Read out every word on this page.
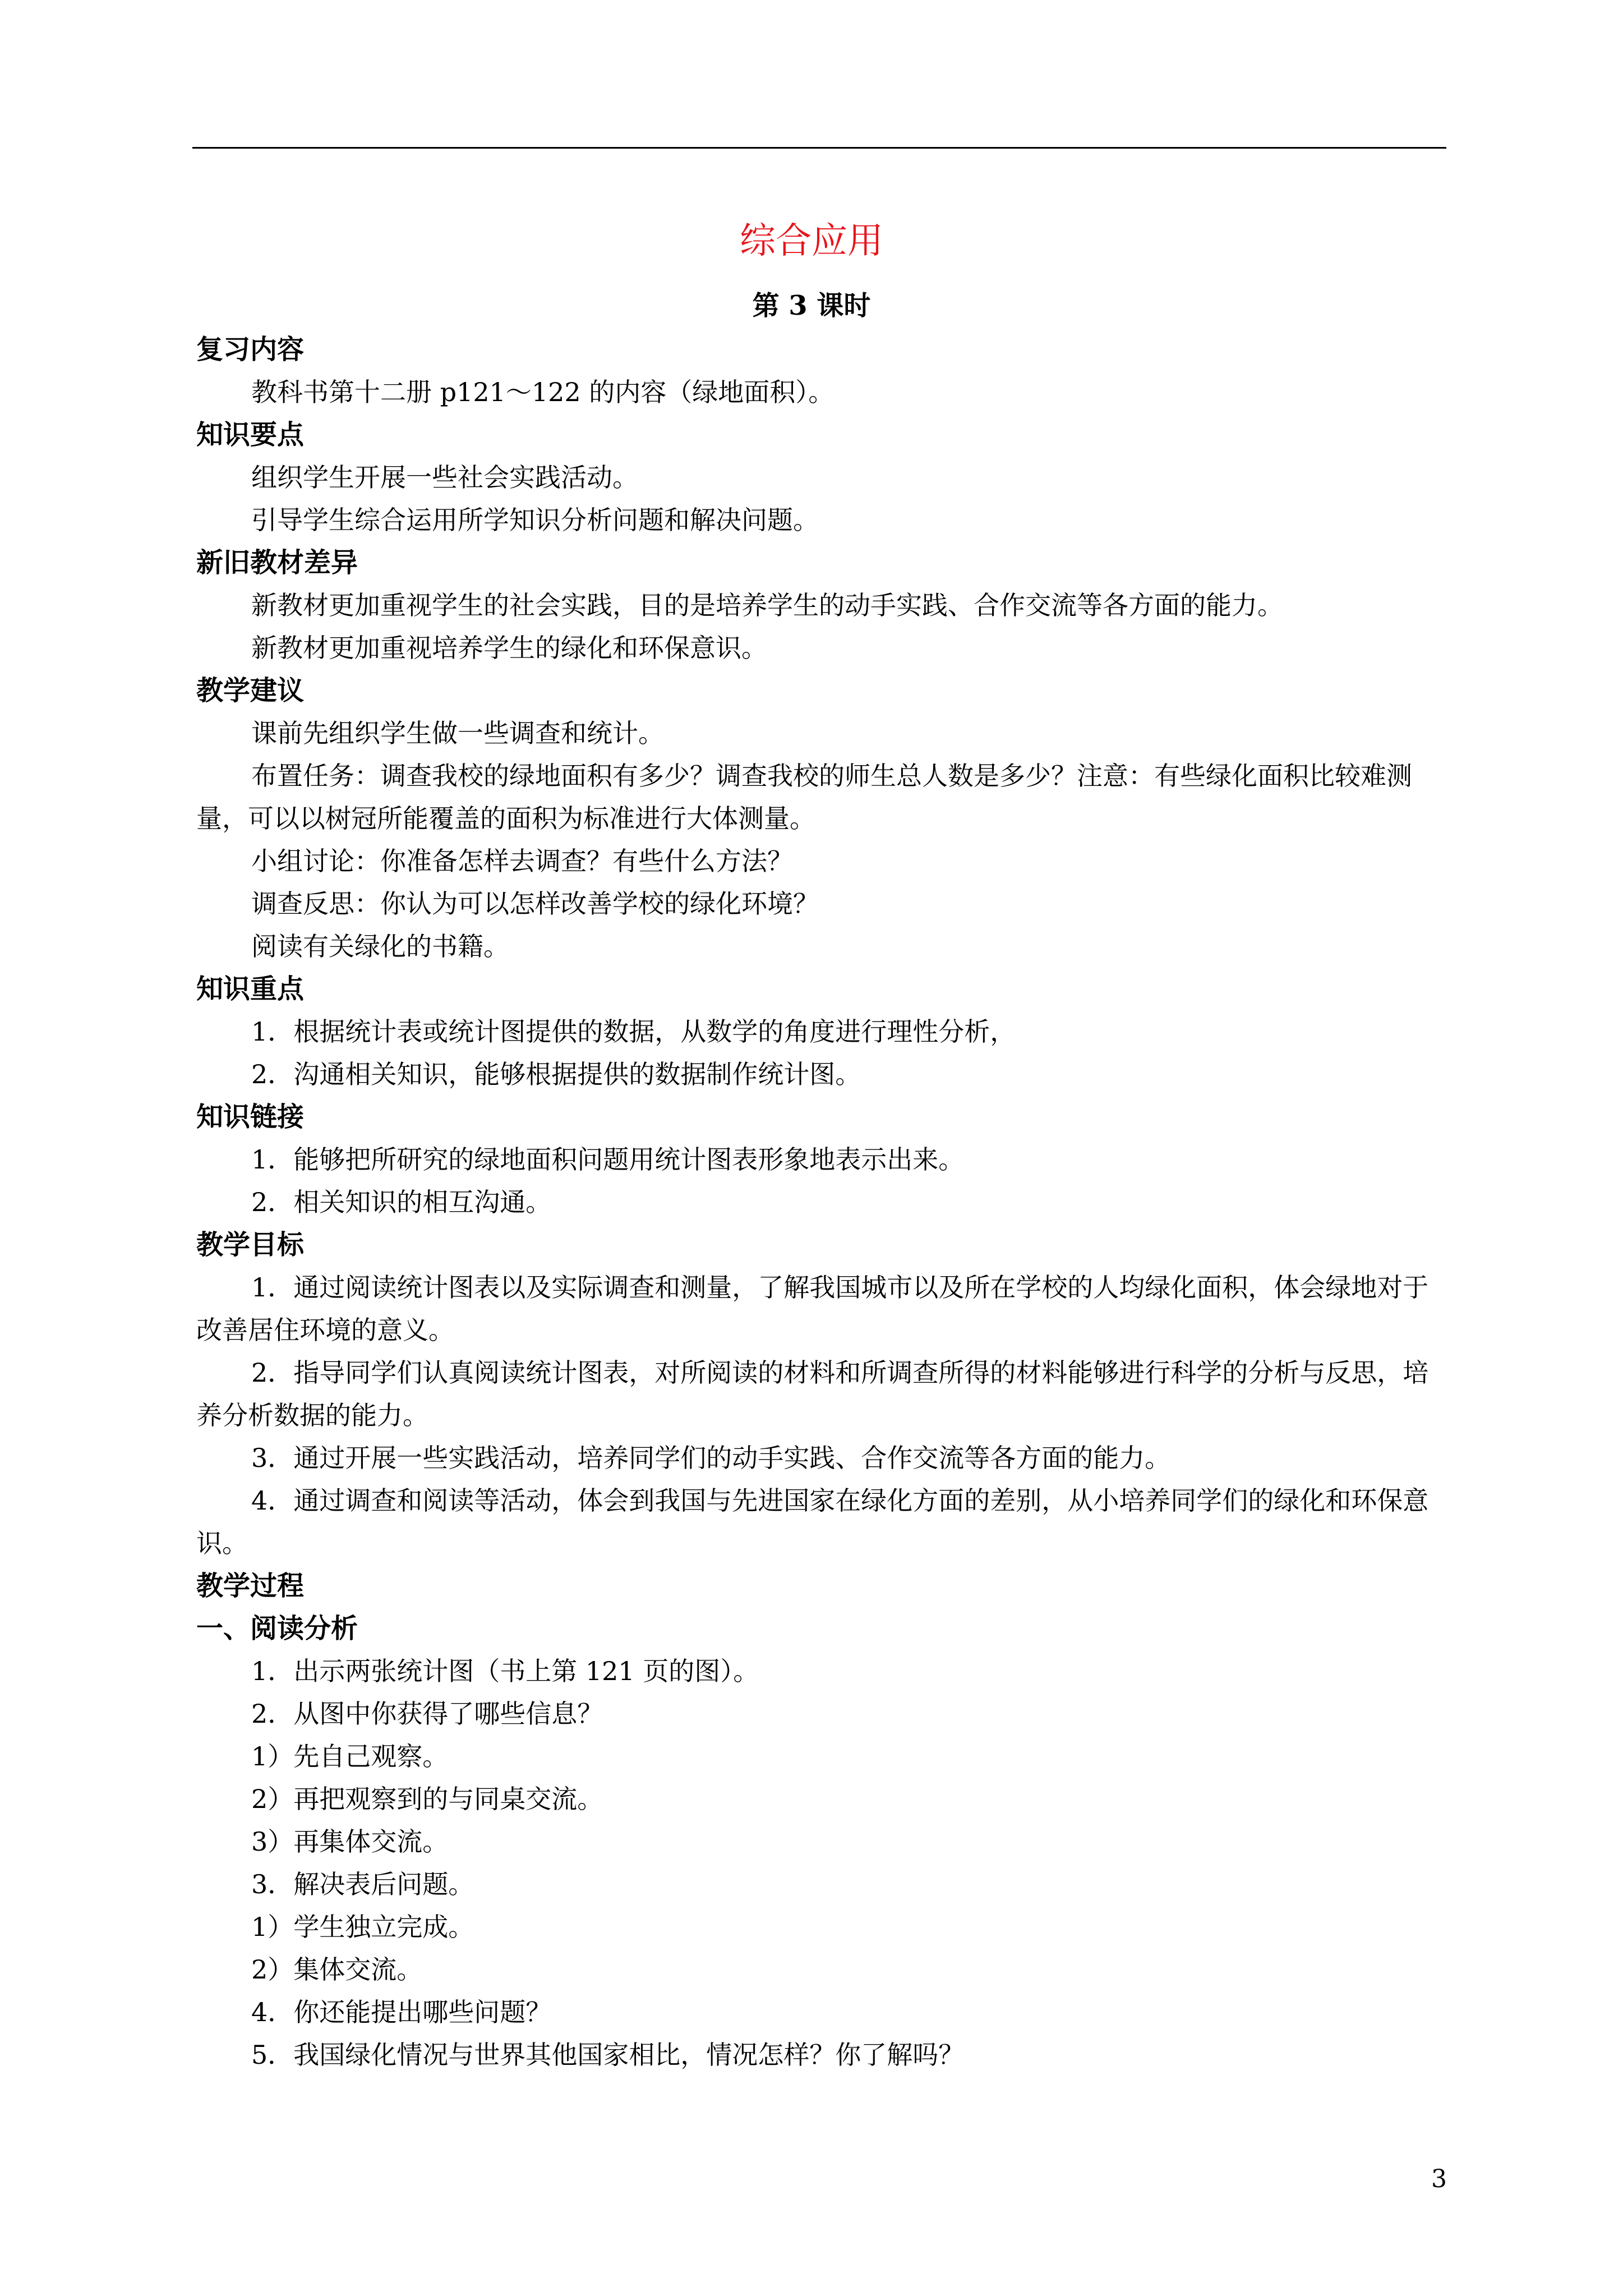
综合应用
第 3 课时
复习内容
教科书第十二册 p121～122 的内容（绿地面积）。
知识要点
组织学生开展一些社会实践活动。
引导学生综合运用所学知识分析问题和解决问题。
新旧教材差异
新教材更加重视学生的社会实践，目的是培养学生的动手实践、合作交流等各方面的能力。
新教材更加重视培养学生的绿化和环保意识。
教学建议
课前先组织学生做一些调查和统计。
布置任务：调查我校的绿地面积有多少？调查我校的师生总人数是多少？注意：有些绿化面积比较难测量，可以以树冠所能覆盖的面积为标准进行大体测量。
小组讨论：你准备怎样去调查？有些什么方法？
调查反思：你认为可以怎样改善学校的绿化环境？
阅读有关绿化的书籍。
知识重点
1．根据统计表或统计图提供的数据，从数学的角度进行理性分析，
2．沟通相关知识，能够根据提供的数据制作统计图。
知识链接
1．能够把所研究的绿地面积问题用统计图表形象地表示出来。
2．相关知识的相互沟通。
教学目标
1．通过阅读统计图表以及实际调查和测量，了解我国城市以及所在学校的人均绿化面积，体会绿地对于改善居住环境的意义。
2．指导同学们认真阅读统计图表，对所阅读的材料和所调查所得的材料能够进行科学的分析与反思，培养分析数据的能力。
3．通过开展一些实践活动，培养同学们的动手实践、合作交流等各方面的能力。
4．通过调查和阅读等活动，体会到我国与先进国家在绿化方面的差别，从小培养同学们的绿化和环保意识。
教学过程
一、阅读分析
1．出示两张统计图（书上第 121 页的图）。
2．从图中你获得了哪些信息？
1）先自己观察。
2）再把观察到的与同桌交流。
3）再集体交流。
3．解决表后问题。
1）学生独立完成。
2）集体交流。
4．你还能提出哪些问题？
5．我国绿化情况与世界其他国家相比，情况怎样？你了解吗？
3
